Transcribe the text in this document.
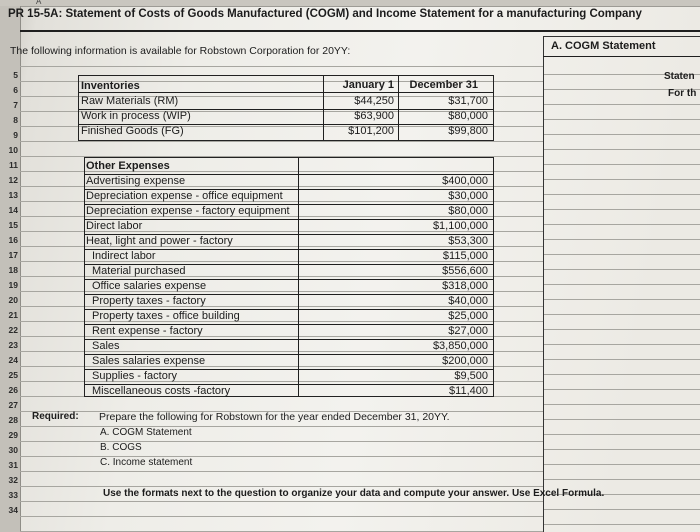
A
PR 15-5A: Statement of Costs of Goods Manufactured (COGM) and Income Statement for a manufacturing Company
The following information is available for Robstown Corporation for 20YY:	A. COGM Statement
Staten
For th
Inventories	January 1	December 31
Raw Materials (RM)	$44,250	$31,700
Work in process (WIP)	$63,900	$80,000
Finished Goods (FG)	$101,200	$99,800
Other Expenses
Advertising expense	$400,000
Depreciation expense - office equipment	$30,000
Depreciation expense - factory equipment	$80,000
Direct labor	$1,100,000
Heat, light and power - factory	$53,300
Indirect labor	$115,000
Material purchased	$556,600
Office salaries expense	$318,000
Property taxes - factory	$40,000
Property taxes - office building	$25,000
Rent expense - factory	$27,000
Sales	$3,850,000
Sales salaries expense	$200,000
Supplies - factory	$9,500
Miscellaneous costs -factory	$11,400
5
6
7
8
9
10
11
12
13
14
15
16
17
18
19
20
21
22
23
24
25
26
27
28
29
30
31
32
33
34
Required: Prepare the following for Robstown for the year ended December 31, 20YY.
A. COGM Statement
B. COGS
C. Income statement
Use the formats next to the question to organize your data and compute your answer. Use Excel Formula.
